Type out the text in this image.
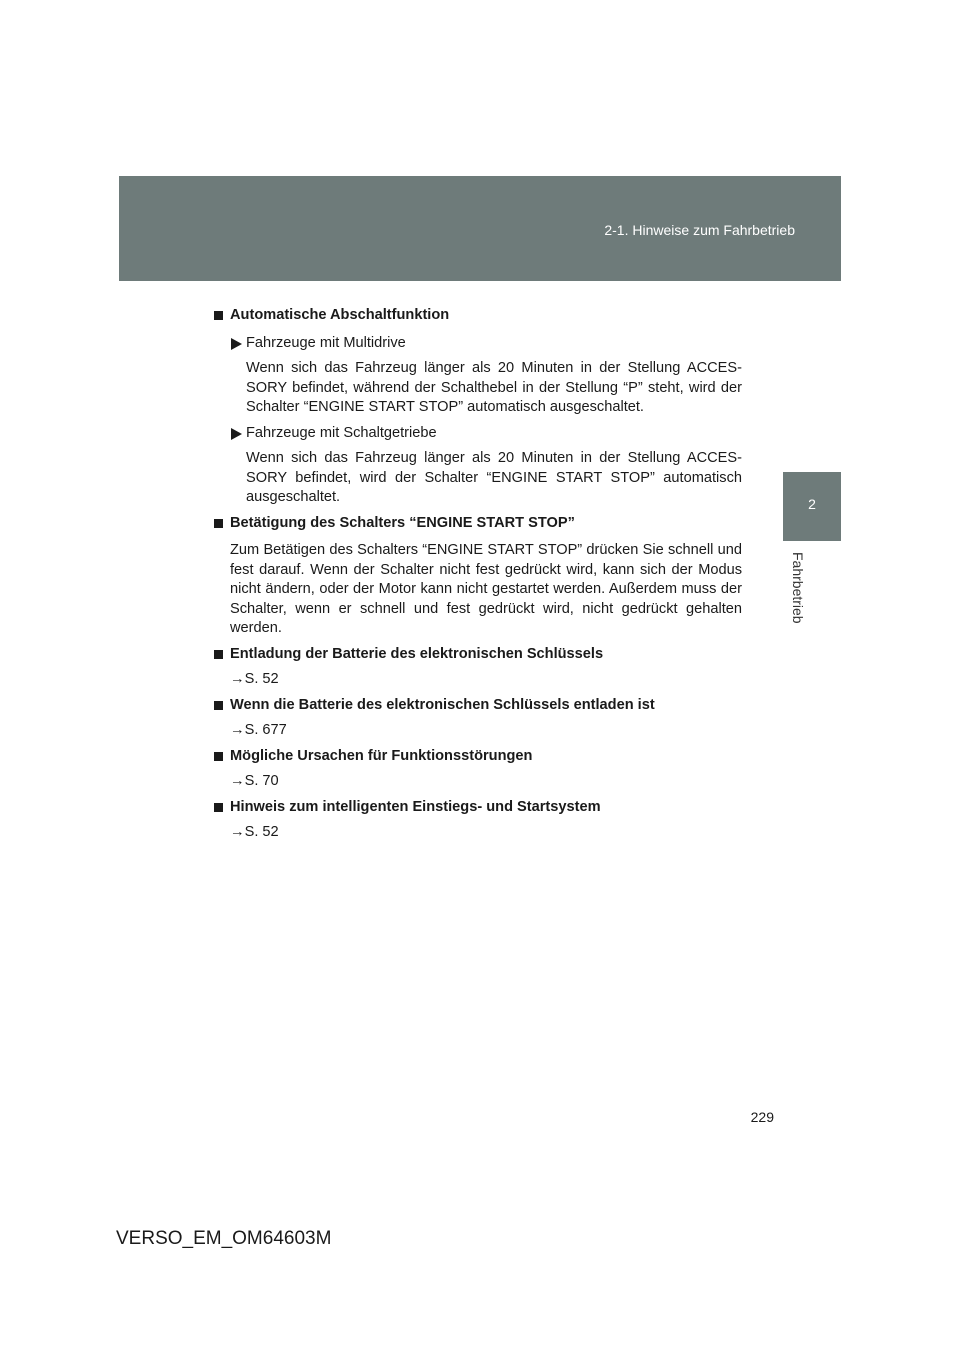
2-1. Hinweise zum Fahrbetrieb
2
Fahrbetrieb

Automatische Abschaltfunktion

Fahrzeuge mit Multidrive

Wenn sich das Fahrzeug länger als 20 Minuten in der Stellung ACCES-SORY befindet, während der Schalthebel in der Stellung “P” steht, wird der Schalter “ENGINE START STOP” automatisch ausgeschaltet.

Fahrzeuge mit Schaltgetriebe

Wenn sich das Fahrzeug länger als 20 Minuten in der Stellung ACCES-SORY befindet, wird der Schalter “ENGINE START STOP” automatisch ausgeschaltet.

Betätigung des Schalters “ENGINE START STOP”

Zum Betätigen des Schalters “ENGINE START STOP” drücken Sie schnell und fest darauf. Wenn der Schalter nicht fest gedrückt wird, kann sich der Modus nicht ändern, oder der Motor kann nicht gestartet werden. Außerdem muss der Schalter, wenn er schnell und fest gedrückt wird, nicht gedrückt gehalten werden.

Entladung der Batterie des elektronischen Schlüssels

→S. 52

Wenn die Batterie des elektronischen Schlüssels entladen ist

→S. 677

Mögliche Ursachen für Funktionsstörungen

→S. 70

Hinweis zum intelligenten Einstiegs- und Startsystem

→S. 52

229
VERSO_EM_OM64603M
